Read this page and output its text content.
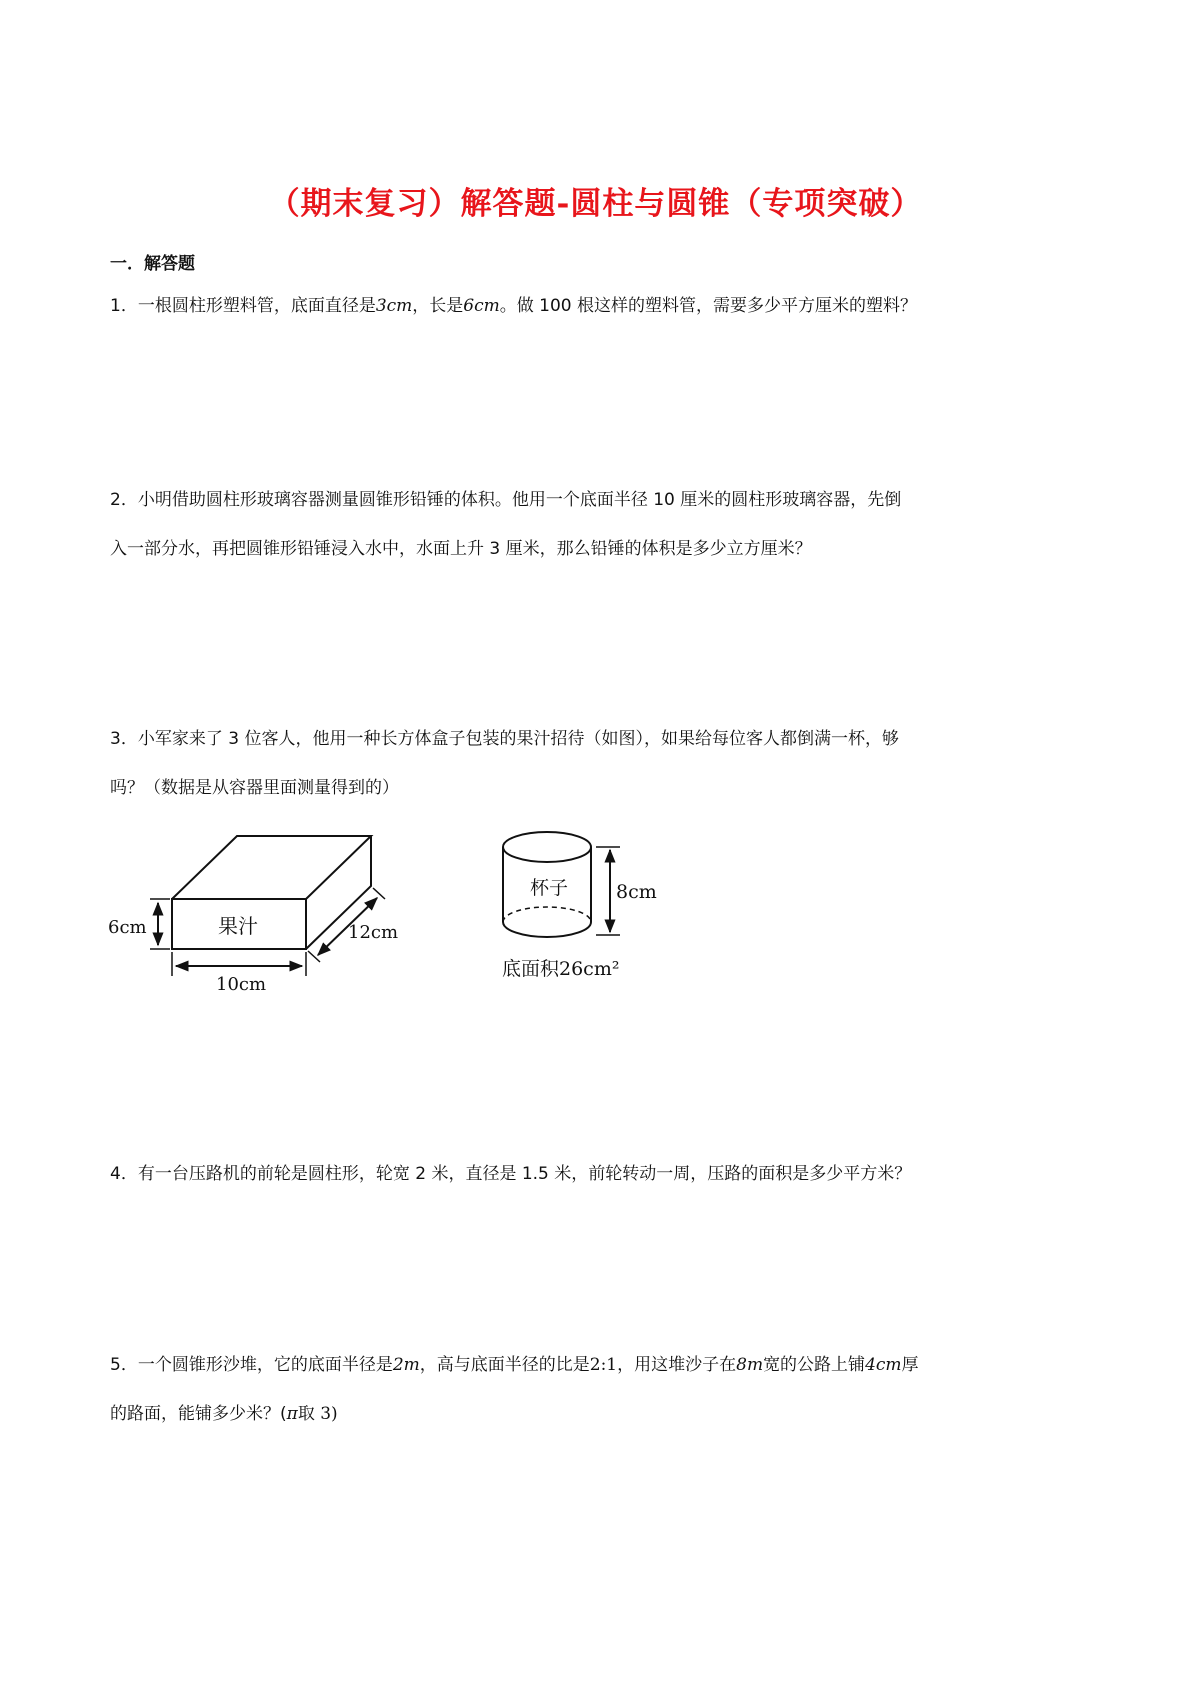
（期末复习）解答题-圆柱与圆锥（专项突破）
一．解答题
1．一根圆柱形塑料管，底面直径是3cm，长是6cm。做 100 根这样的塑料管，需要多少平方厘米的塑料？
2．小明借助圆柱形玻璃容器测量圆锥形铅锤的体积。他用一个底面半径 10 厘米的圆柱形玻璃容器，先倒
入一部分水，再把圆锥形铅锤浸入水中，水面上升 3 厘米，那么铅锤的体积是多少立方厘米？
3．小军家来了 3 位客人，他用一种长方体盒子包装的果汁招待（如图），如果给每位客人都倒满一杯，够
吗？（数据是从容器里面测量得到的）
果汁
6cm
10cm
12cm
杯子	8cm
底面积26cm²
4．有一台压路机的前轮是圆柱形，轮宽 2 米，直径是 1.5 米，前轮转动一周，压路的面积是多少平方米？
5．一个圆锥形沙堆，它的底面半径是2m，高与底面半径的比是2:1，用这堆沙子在8m宽的公路上铺4cm厚
的路面，能铺多少米？(π取 3)
